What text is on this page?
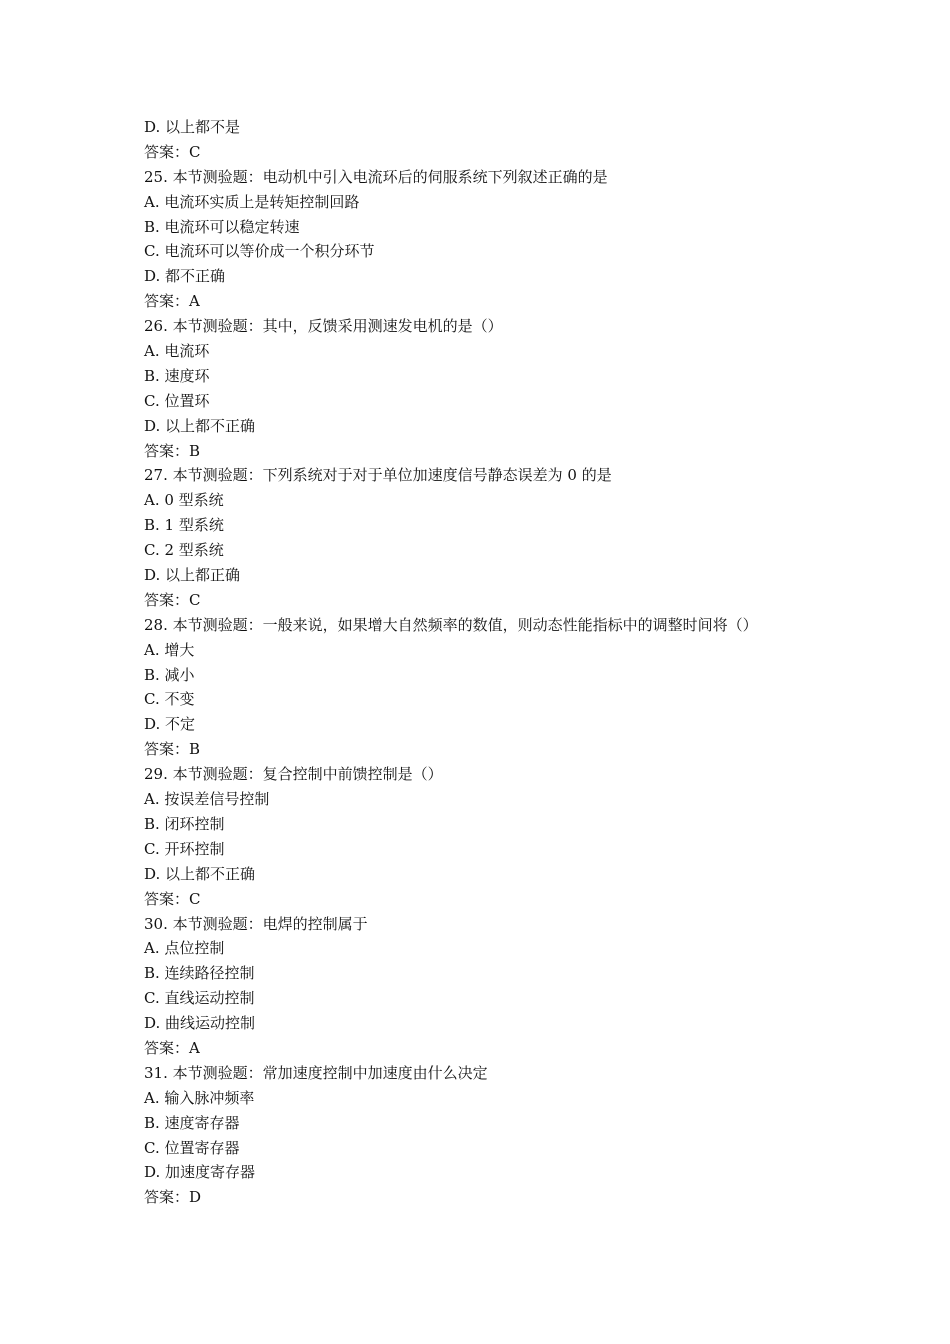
D. 以上都不是
答案：C
25. 本节测验题：电动机中引入电流环后的伺服系统下列叙述正确的是
A. 电流环实质上是转矩控制回路
B. 电流环可以稳定转速
C. 电流环可以等价成一个积分环节
D. 都不正确
答案：A
26. 本节测验题：其中，反馈采用测速发电机的是（）
A. 电流环
B. 速度环
C. 位置环
D. 以上都不正确
答案：B
27. 本节测验题：下列系统对于对于单位加速度信号静态误差为 0 的是
A. 0 型系统
B. 1 型系统
C. 2 型系统
D. 以上都正确
答案：C
28. 本节测验题：一般来说，如果增大自然频率的数值，则动态性能指标中的调整时间将（）
A. 增大
B. 减小
C. 不变
D. 不定
答案：B
29. 本节测验题：复合控制中前馈控制是（）
A. 按误差信号控制
B. 闭环控制
C. 开环控制
D. 以上都不正确
答案：C
30. 本节测验题：电焊的控制属于
A. 点位控制
B. 连续路径控制
C. 直线运动控制
D. 曲线运动控制
答案：A
31. 本节测验题：常加速度控制中加速度由什么决定
A. 输入脉冲频率
B. 速度寄存器
C. 位置寄存器
D. 加速度寄存器
答案：D
